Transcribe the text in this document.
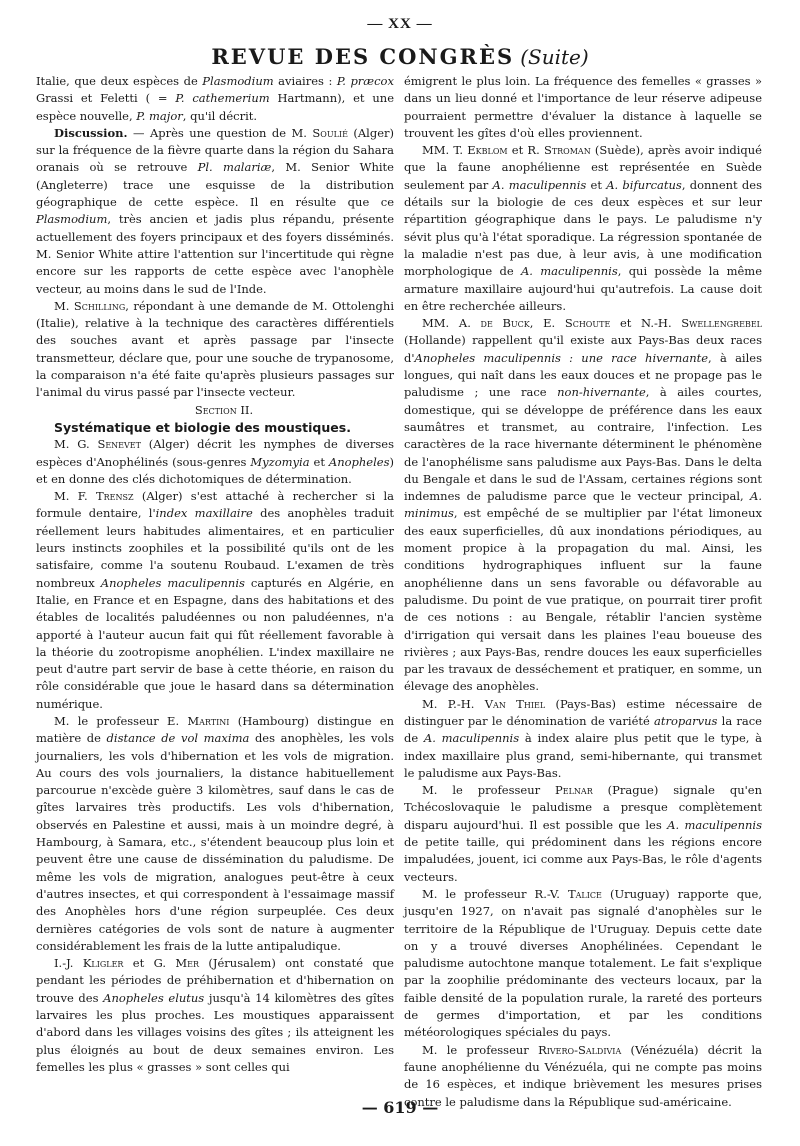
— XX —
REVUE DES CONGRÈS (Suite)

Italie, que deux espèces de Plasmodium aviaires : P. præcox Grassi et Feletti ( = P. cathemerium Hartmann), et une espèce nouvelle, P. major, qu'il décrit.

Discussion. — Après une question de M. Soulié (Alger) sur la fréquence de la fièvre quarte dans la région du Sahara oranais où se retrouve Pl. malariæ, M. Senior White (Angleterre) trace une esquisse de la distribution géographique de cette espèce. Il en résulte que ce Plasmodium, très ancien et jadis plus répandu, présente actuellement des foyers principaux et des foyers disséminés. M. Senior White attire l'attention sur l'incertitude qui règne encore sur les rapports de cette espèce avec l'anophèle vecteur, au moins dans le sud de l'Inde.

M. Schilling, répondant à une demande de M. Ottolenghi (Italie), relative à la technique des caractères différentiels des souches avant et après passage par l'insecte transmetteur, déclare que, pour une souche de trypanosome, la comparaison n'a été faite qu'après plusieurs passages sur l'animal du virus passé par l'insecte vecteur.

Section II.

Systématique et biologie des moustiques.

M. G. Senevet (Alger) décrit les nymphes de diverses espèces d'Anophélinés (sous-genres Myzomyia et Anopheles) et en donne des clés dichotomiques de détermination.

M. F. Trensz (Alger) s'est attaché à rechercher si la formule dentaire, l'index maxillaire des anophèles traduit réellement leurs habitudes alimentaires, et en particulier leurs instincts zoophiles et la possibilité qu'ils ont de les satisfaire, comme l'a soutenu Roubaud. L'examen de très nombreux Anopheles maculipennis capturés en Algérie, en Italie, en France et en Espagne, dans des habitations et des étables de localités paludéennes ou non paludéennes, n'a apporté à l'auteur aucun fait qui fût réellement favorable à la théorie du zootropisme anophélien. L'index maxillaire ne peut d'autre part servir de base à cette théorie, en raison du rôle considérable que joue le hasard dans sa détermination numérique.

M. le professeur E. Martini (Hambourg) distingue en matière de distance de vol maxima des anophèles, les vols journaliers, les vols d'hibernation et les vols de migration. Au cours des vols journaliers, la distance habituellement parcourue n'excède guère 3 kilomètres, sauf dans le cas de gîtes larvaires très productifs. Les vols d'hibernation, observés en Palestine et aussi, mais à un moindre degré, à Hambourg, à Samara, etc., s'étendent beaucoup plus loin et peuvent être une cause de dissémination du paludisme. De même les vols de migration, analogues peut-être à ceux d'autres insectes, et qui correspondent à l'essaimage massif des Anophèles hors d'une région surpeuplée. Ces deux dernières catégories de vols sont de nature à augmenter considérablement les frais de la lutte antipaludique.

I.-J. Kligler et G. Mer (Jérusalem) ont constaté que pendant les périodes de préhibernation et d'hibernation on trouve des Anopheles elutus jusqu'à 14 kilomètres des gîtes larvaires les plus proches. Les moustiques apparaissent d'abord dans les villages voisins des gîtes ; ils atteignent les plus éloignés au bout de deux semaines environ. Les femelles les plus « grasses » sont celles qui

émigrent le plus loin. La fréquence des femelles « grasses » dans un lieu donné et l'importance de leur réserve adipeuse pourraient permettre d'évaluer la distance à laquelle se trouvent les gîtes d'où elles proviennent.

MM. T. Ekblom et R. Stroman (Suède), après avoir indiqué que la faune anophélienne est représentée en Suède seulement par A. maculipennis et A. bifurcatus, donnent des détails sur la biologie de ces deux espèces et sur leur répartition géographique dans le pays. Le paludisme n'y sévit plus qu'à l'état sporadique. La régression spontanée de la maladie n'est pas due, à leur avis, à une modification morphologique de A. maculipennis, qui possède la même armature maxillaire aujourd'hui qu'autrefois. La cause doit en être recherchée ailleurs.

MM. A. de Buck, E. Schoute et N.-H. Swellengrebel (Hollande) rappellent qu'il existe aux Pays-Bas deux races d'Anopheles maculipennis : une race hivernante, à ailes longues, qui naît dans les eaux douces et ne propage pas le paludisme ; une race non-hivernante, à ailes courtes, domestique, qui se développe de préférence dans les eaux saumâtres et transmet, au contraire, l'infection. Les caractères de la race hivernante déterminent le phénomène de l'anophélisme sans paludisme aux Pays-Bas. Dans le delta du Bengale et dans le sud de l'Assam, certaines régions sont indemnes de paludisme parce que le vecteur principal, A. minimus, est empêché de se multiplier par l'état limoneux des eaux superficielles, dû aux inondations périodiques, au moment propice à la propagation du mal. Ainsi, les conditions hydrographiques influent sur la faune anophélienne dans un sens favorable ou défavorable au paludisme. Du point de vue pratique, on pourrait tirer profit de ces notions : au Bengale, rétablir l'ancien système d'irrigation qui versait dans les plaines l'eau boueuse des rivières ; aux Pays-Bas, rendre douces les eaux superficielles par les travaux de desséchement et pratiquer, en somme, un élevage des anophèles.

M. P.-H. Van Thiel (Pays-Bas) estime nécessaire de distinguer par le dénomination de variété atroparvus la race de A. maculipennis à index alaire plus petit que le type, à index maxillaire plus grand, semi-hibernante, qui transmet le paludisme aux Pays-Bas.

M. le professeur Pelnar (Prague) signale qu'en Tchécoslovaquie le paludisme a presque complètement disparu aujourd'hui. Il est possible que les A. maculipennis de petite taille, qui prédominent dans les régions encore impaludées, jouent, ici comme aux Pays-Bas, le rôle d'agents vecteurs.

M. le professeur R.-V. Talice (Uruguay) rapporte que, jusqu'en 1927, on n'avait pas signalé d'anophèles sur le territoire de la République de l'Uruguay. Depuis cette date on y a trouvé diverses Anophélinées. Cependant le paludisme autochtone manque totalement. Le fait s'explique par la zoophilie prédominante des vecteurs locaux, par la faible densité de la population rurale, la rareté des porteurs de germes d'importation, et par les conditions météorologiques spéciales du pays.

M. le professeur Rivero-Saldivia (Vénézuéla) décrit la faune anophélienne du Vénézuéla, qui ne compte pas moins de 16 espèces, et indique brièvement les mesures prises contre le paludisme dans la République sud-américaine.

— 619 —
